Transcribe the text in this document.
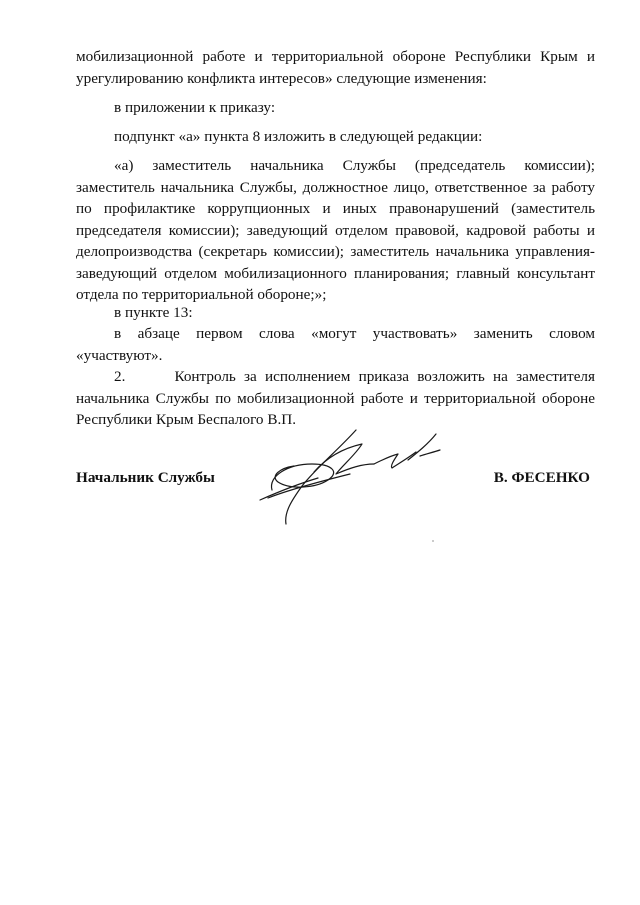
мобилизационной работе и территориальной обороне Республики Крым и урегулированию конфликта интересов» следующие изменения:

в приложении к приказу:

подпункт «а» пункта 8 изложить в следующей редакции:

«а) заместитель начальника Службы (председатель комиссии); заместитель начальника Службы, должностное лицо, ответственное за работу по профилактике коррупционных и иных правонарушений (заместитель председателя комиссии); заведующий отделом правовой, кадровой работы и делопроизводства (секретарь комиссии); заместитель начальника управления-заведующий отделом мобилизационного планирования; главный консультант отдела по территориальной обороне;»;

в пункте 13:

в абзаце первом слова «могут участвовать» заменить словом «участвуют».

2.      Контроль за исполнением приказа возложить на заместителя начальника Службы по мобилизационной работе и территориальной обороне Республики Крым Беспалого В.П.

Начальник Службы	В. ФЕСЕНКО
